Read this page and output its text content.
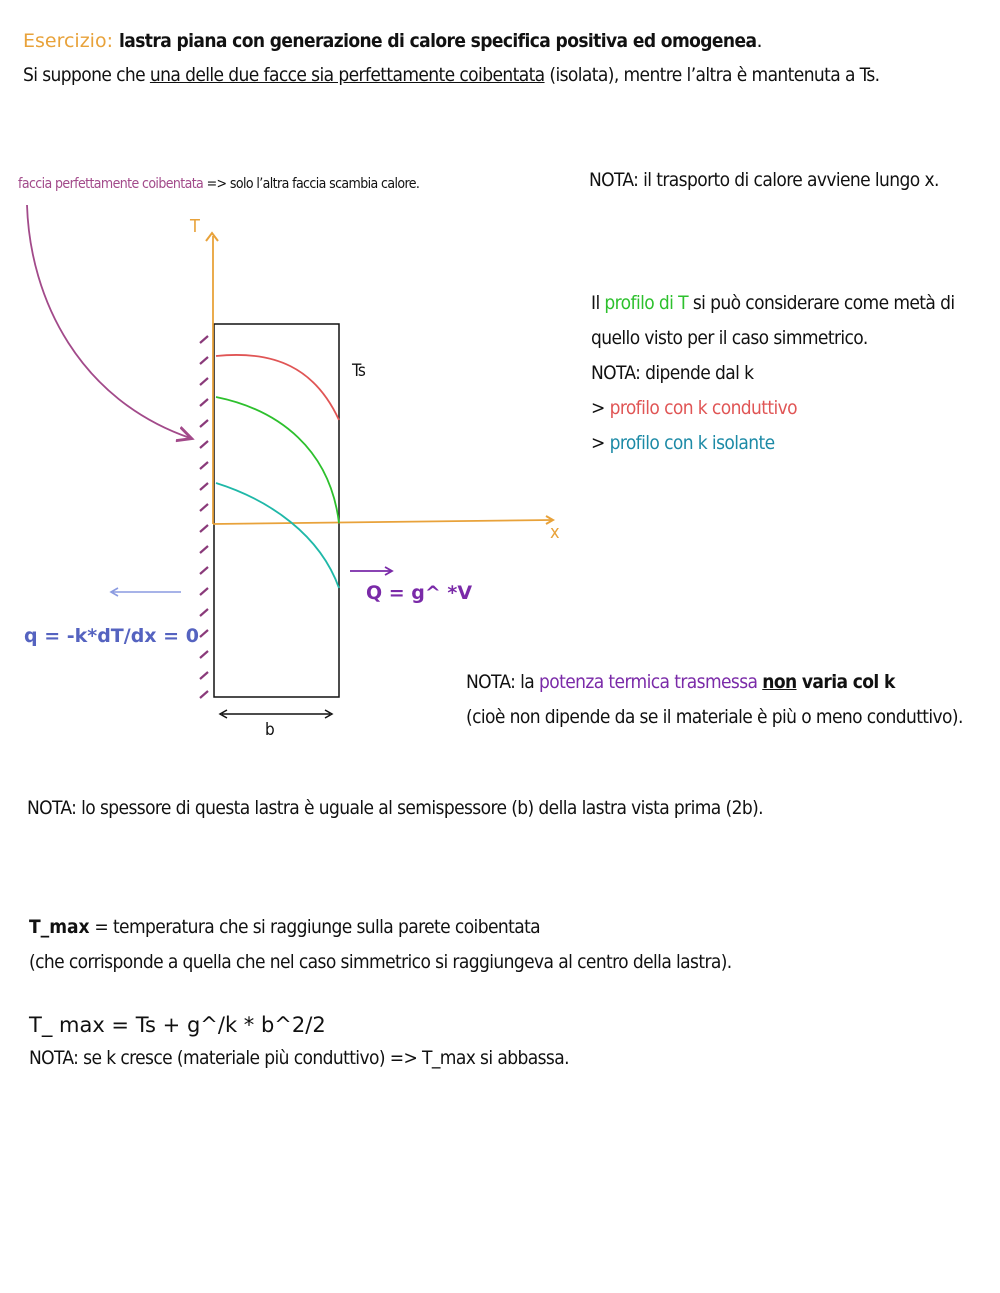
Esercizio: lastra piana con generazione di calore specifica positiva ed omogenea.
Si suppone che una delle due facce sia perfettamente coibentata (isolata), mentre l’altra è mantenuta a Ts.
faccia perfettamente coibentata => solo l’altra faccia scambia calore.
T
x
Ts
b
q = -k*dT/dx = 0
Q = g^ *V
NOTA: il trasporto di calore avviene lungo x.
Il profilo di T si può considerare come metà di
quello visto per il caso simmetrico.
NOTA: dipende dal k
> profilo con k conduttivo
> profilo con k isolante
NOTA: la potenza termica trasmessa non varia col k
(cioè non dipende da se il materiale è più o meno conduttivo).
NOTA: lo spessore di questa lastra è uguale al semispessore (b) della lastra vista prima (2b).
T_max = temperatura che si raggiunge sulla parete coibentata
(che corrisponde a quella che nel caso simmetrico si raggiungeva al centro della lastra).
T_ max = Ts + g^/k * b^2/2
NOTA: se k cresce (materiale più conduttivo) => T_max si abbassa.
